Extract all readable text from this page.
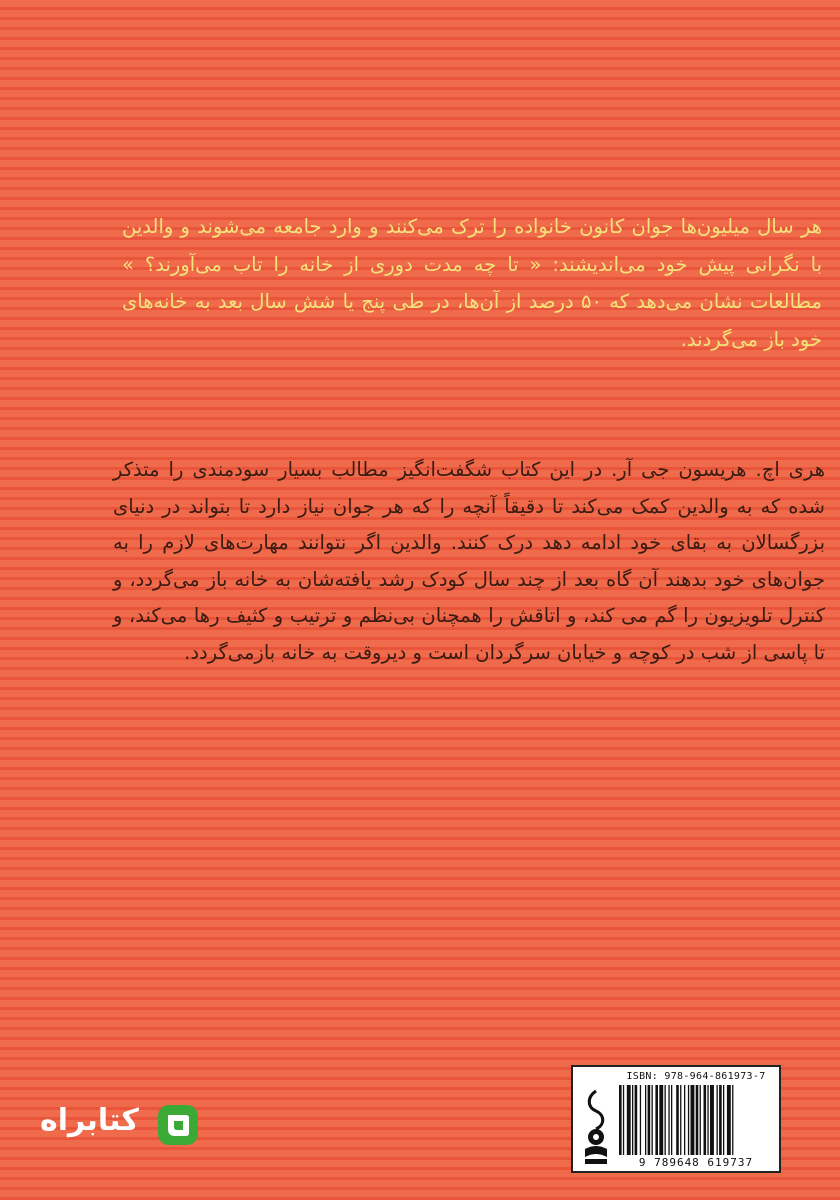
هر سال میلیون‌ها جوان کانون خانواده را ترک می‌کنند و وارد جامعه می‌شوند و والدین با نگرانی پیش خود می‌اندیشند: « تا چه مدت دوری از خانه را تاب می‌آورند؟ » مطالعات نشان می‌دهد که ۵۰ درصد از آن‌ها، در طی پنج یا شش سال بعد به خانه‌های خود باز می‌گردند.

هری اچ. هریسون جی آر. در این کتاب شگفت‌انگیز مطالب بسیار سودمندی را متذکر شده که به والدین کمک می‌کند تا دقیقاً آنچه را که هر جوان نیاز دارد تا بتواند در دنیای بزرگسالان به بقای خود ادامه دهد درک کنند. والدین اگر نتوانند مهارت‌های لازم را به جوان‌های خود بدهند آن گاه بعد از چند سال کودک رشد یافته‌شان به خانه باز می‌گردد، و کنترل تلویزیون را گم می کند، و اتاقش را همچنان بی‌نظم و ترتیب و کثیف رها می‌کند، و تا پاسی از شب در کوچه و خیابان سرگردان است و دیروقت به خانه بازمی‌گردد.

ISBN: 978-964-861973-7
9 789648 619737
کتابراه
